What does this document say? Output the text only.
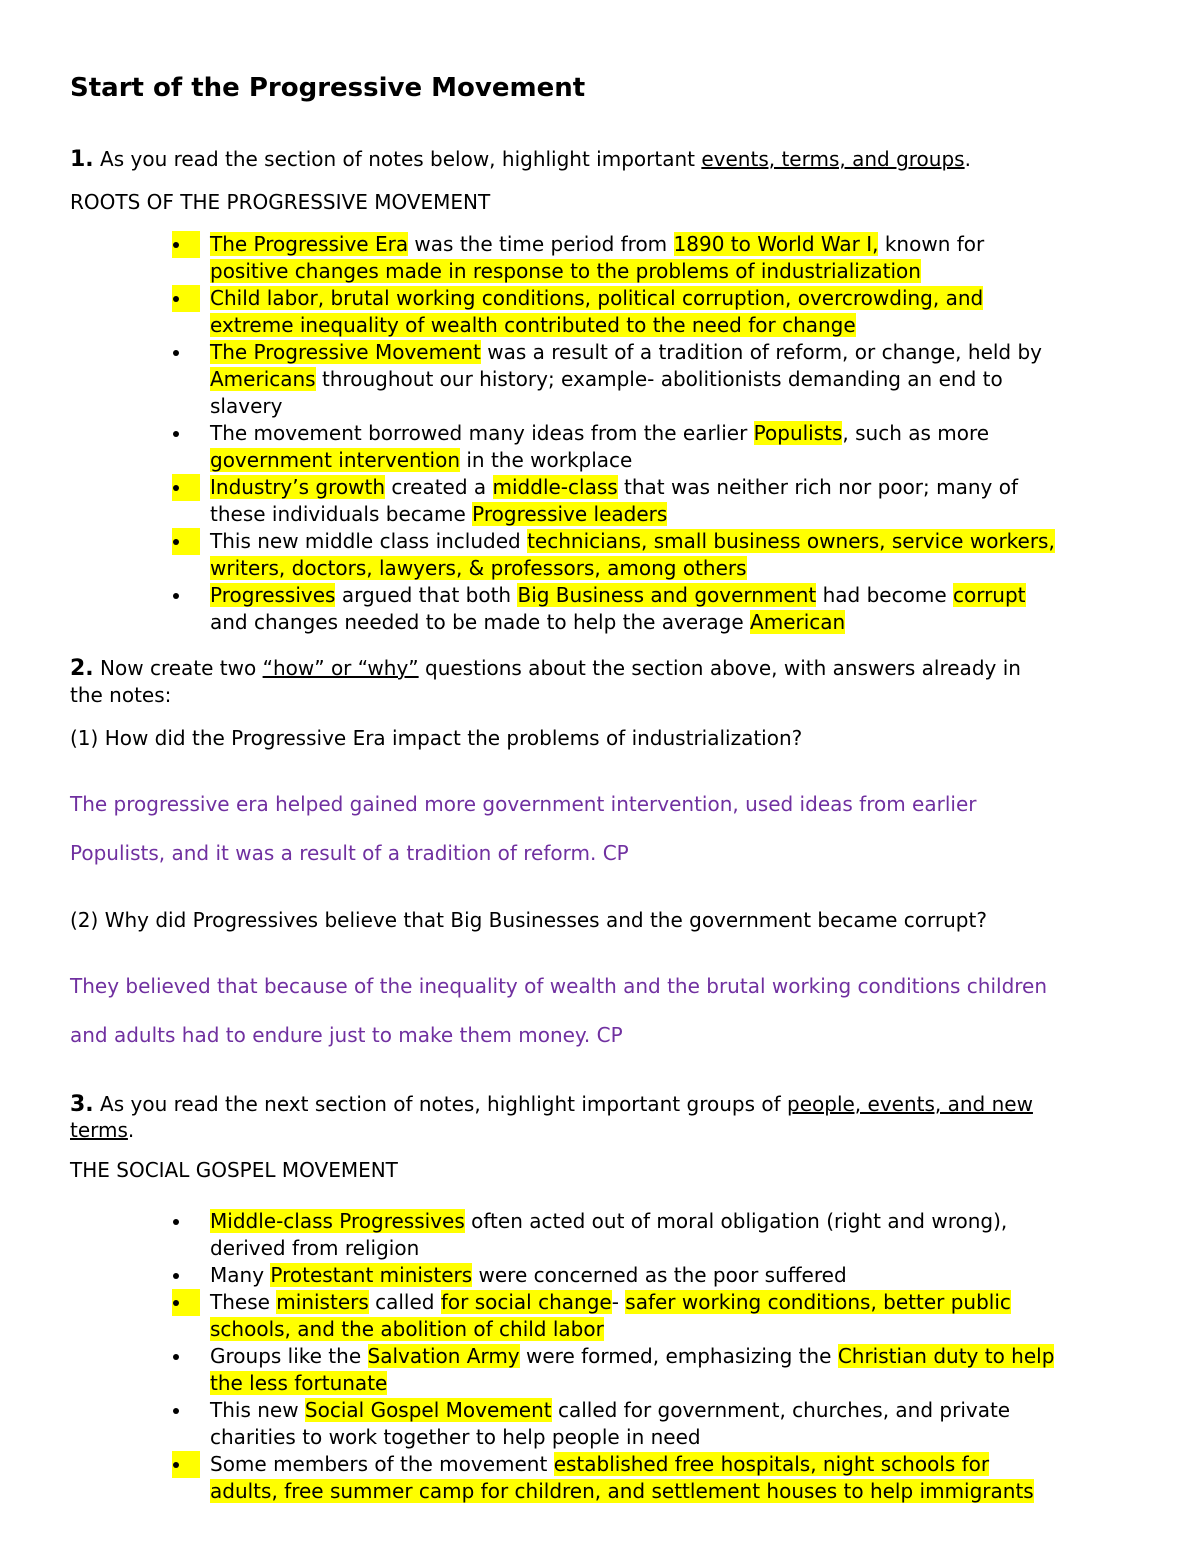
Start of the Progressive Movement
1. As you read the section of notes below, highlight important events, terms, and groups.
ROOTS OF THE PROGRESSIVE MOVEMENT
The Progressive Era was the time period from 1890 to World War I, known for
positive changes made in response to the problems of industrialization
Child labor, brutal working conditions, political corruption, overcrowding, and
extreme inequality of wealth contributed to the need for change
The Progressive Movement was a result of a tradition of reform, or change, held by
Americans throughout our history; example- abolitionists demanding an end to
slavery
The movement borrowed many ideas from the earlier Populists, such as more
government intervention in the workplace
Industry’s growth created a middle-class that was neither rich nor poor; many of
these individuals became Progressive leaders
This new middle class included technicians, small business owners, service workers,
writers, doctors, lawyers, & professors, among others
Progressives argued that both Big Business and government had become corrupt
and changes needed to be made to help the average American
2. Now create two “how” or “why” questions about the section above, with answers already in
the notes:
(1) How did the Progressive Era impact the problems of industrialization?
The progressive era helped gained more government intervention, used ideas from earlier
Populists, and it was a result of a tradition of reform. CP
(2) Why did Progressives believe that Big Businesses and the government became corrupt?
They believed that because of the inequality of wealth and the brutal working conditions children
and adults had to endure just to make them money. CP
3. As you read the next section of notes, highlight important groups of people, events, and new
terms.
THE SOCIAL GOSPEL MOVEMENT
Middle-class Progressives often acted out of moral obligation (right and wrong),
derived from religion
Many Protestant ministers were concerned as the poor suffered
These ministers called for social change- safer working conditions, better public
schools, and the abolition of child labor
Groups like the Salvation Army were formed, emphasizing the Christian duty to help
the less fortunate
This new Social Gospel Movement called for government, churches, and private
charities to work together to help people in need
Some members of the movement established free hospitals, night schools for
adults, free summer camp for children, and settlement houses to help immigrants
